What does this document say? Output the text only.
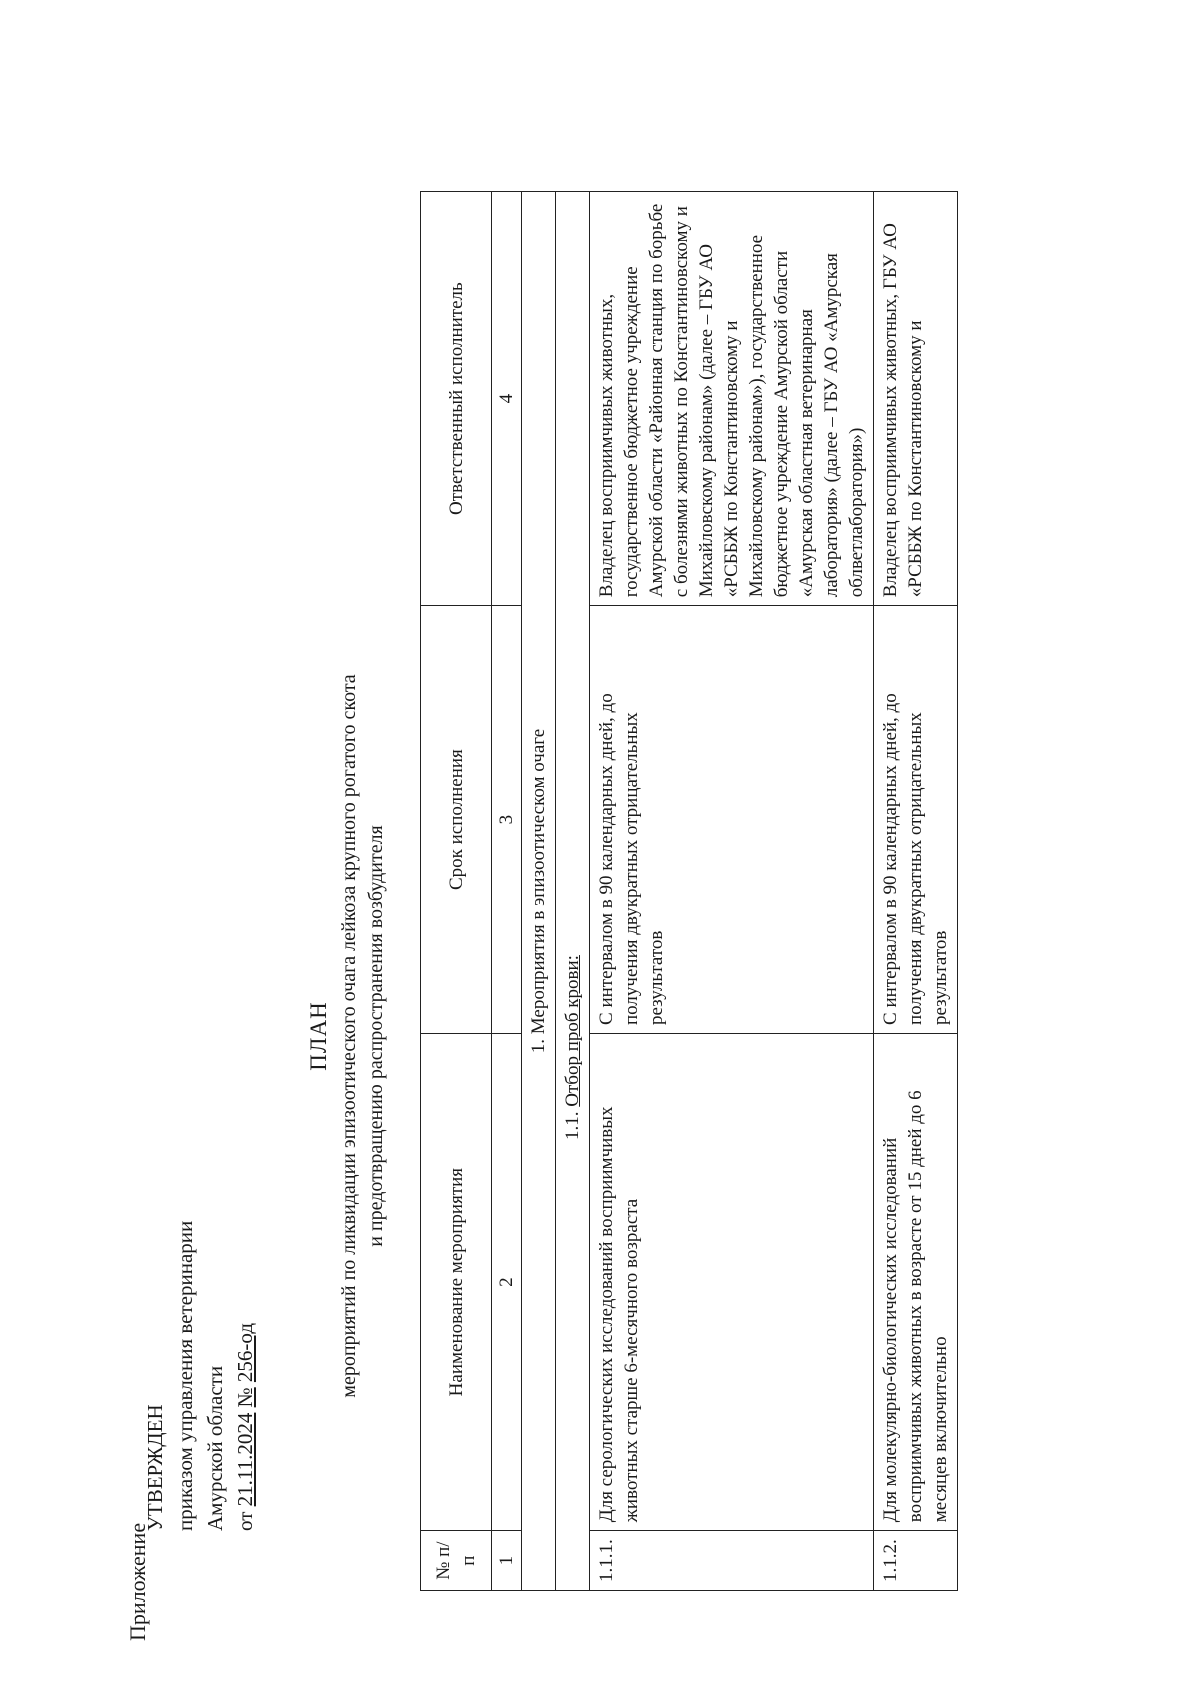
Приложение
УТВЕРЖДЕН приказом управления ветеринарии Амурской области от 21.11.2024 № 256-од
ПЛАН мероприятий по ликвидации эпизоотического очага лейкоза крупного рогатого скота и предотвращению распространения возбудителя
№ п/п	Наименование мероприятия	Срок исполнения	Ответственный исполнитель
1	2	3	4
1. Мероприятия в эпизоотическом очаге			
1.1. Отбор проб крови:			
1.1.1.	Для серологических исследований восприимчивых животных старше 6-месячного возраста	С интервалом в 90 календарных дней, до получения двукратных отрицательных результатов	Владелец восприимчивых животных, государственное бюджетное учреждение Амурской области «Районная станция по борьбе с болезнями животных по Константиновскому и Михайловскому районам» (далее – ГБУ АО «РСББЖ по Константиновскому и Михайловскому районам»), государственное бюджетное учреждение Амурской области «Амурская областная ветеринарная лаборатория» (далее – ГБУ АО «Амурская облветлаборатория»)
1.1.2.	Для молекулярно-биологических исследований восприимчивых животных в возрасте от 15 дней до 6 месяцев включительно	С интервалом в 90 календарных дней, до получения двукратных отрицательных результатов	Владелец восприимчивых животных, ГБУ АО «РСББЖ по Константиновскому и
